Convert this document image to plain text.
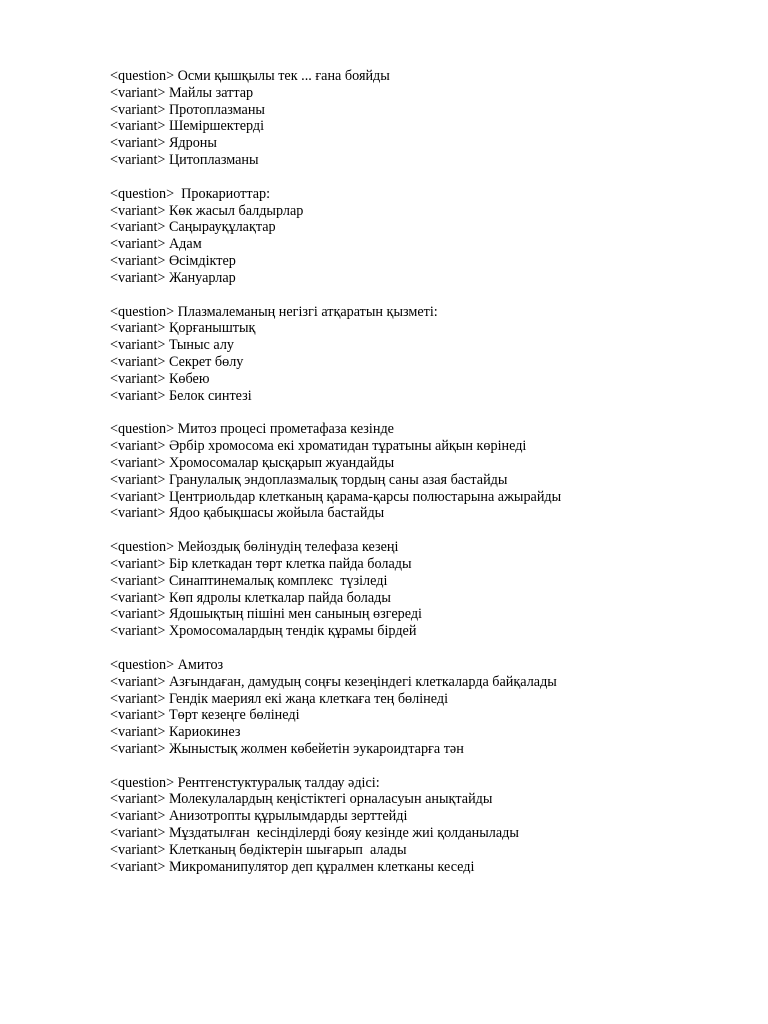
<question> Осми қышқылы тек ... ғана бояйды
<variant> Майлы заттар
<variant> Протоплазманы
<variant> Шеміршектерді
<variant> Ядроны
<variant> Цитоплазманы
<question>  Прокариоттар:
<variant> Көк жасыл балдырлар
<variant> Саңырауқұлақтар
<variant> Адам
<variant> Өсімдіктер
<variant> Жануарлар
<question> Плазмалеманың негізгі атқаратын қызметі:
<variant> Қорғаныштық
<variant> Тыныс алу
<variant> Секрет бөлу
<variant> Көбею
<variant> Белок синтезі
<question> Митоз процесі прометафаза кезінде
<variant> Әрбір хромосома екі хроматидан тұратыны айқын көрінеді
<variant> Хромосомалар қысқарып жуандайды
<variant> Гранулалық эндоплазмалық тордың саны азая бастайды
<variant> Центриольдар клетканың қарама-қарсы полюстарына ажырайды
<variant> Ядоо қабықшасы жойыла бастайды
<question> Мейоздық бөлінудің телефаза кезеңі
<variant> Бір клеткадан төрт клетка пайда болады
<variant> Синаптинемалық комплекс  түзіледі
<variant> Көп ядролы клеткалар пайда болады
<variant> Ядошықтың пішіні мен санының өзгереді
<variant> Хромосомалардың тендік құрамы бірдей
<question> Амитоз
<variant> Азғындаған, дамудың соңғы кезеңіндегі клеткаларда байқалады
<variant> Гендік маериял екі жаңа клеткаға тең бөлінеді
<variant> Төрт кезеңге бөлінеді
<variant> Кариокинез
<variant> Жыныстық жолмен көбейетін эукароидтарға тән
<question> Рентгенстуктуралық талдау әдісі:
<variant> Молекулалардың кеңістіктегі орналасуын анықтайды
<variant> Анизотропты құрылымдарды зерттейді
<variant> Мұздатылған  кесінділерді бояу кезінде жиі қолданылады
<variant> Клетканың бөдіктерін шығарып  алады
<variant> Микроманипулятор деп құралмен клетканы кеседі
